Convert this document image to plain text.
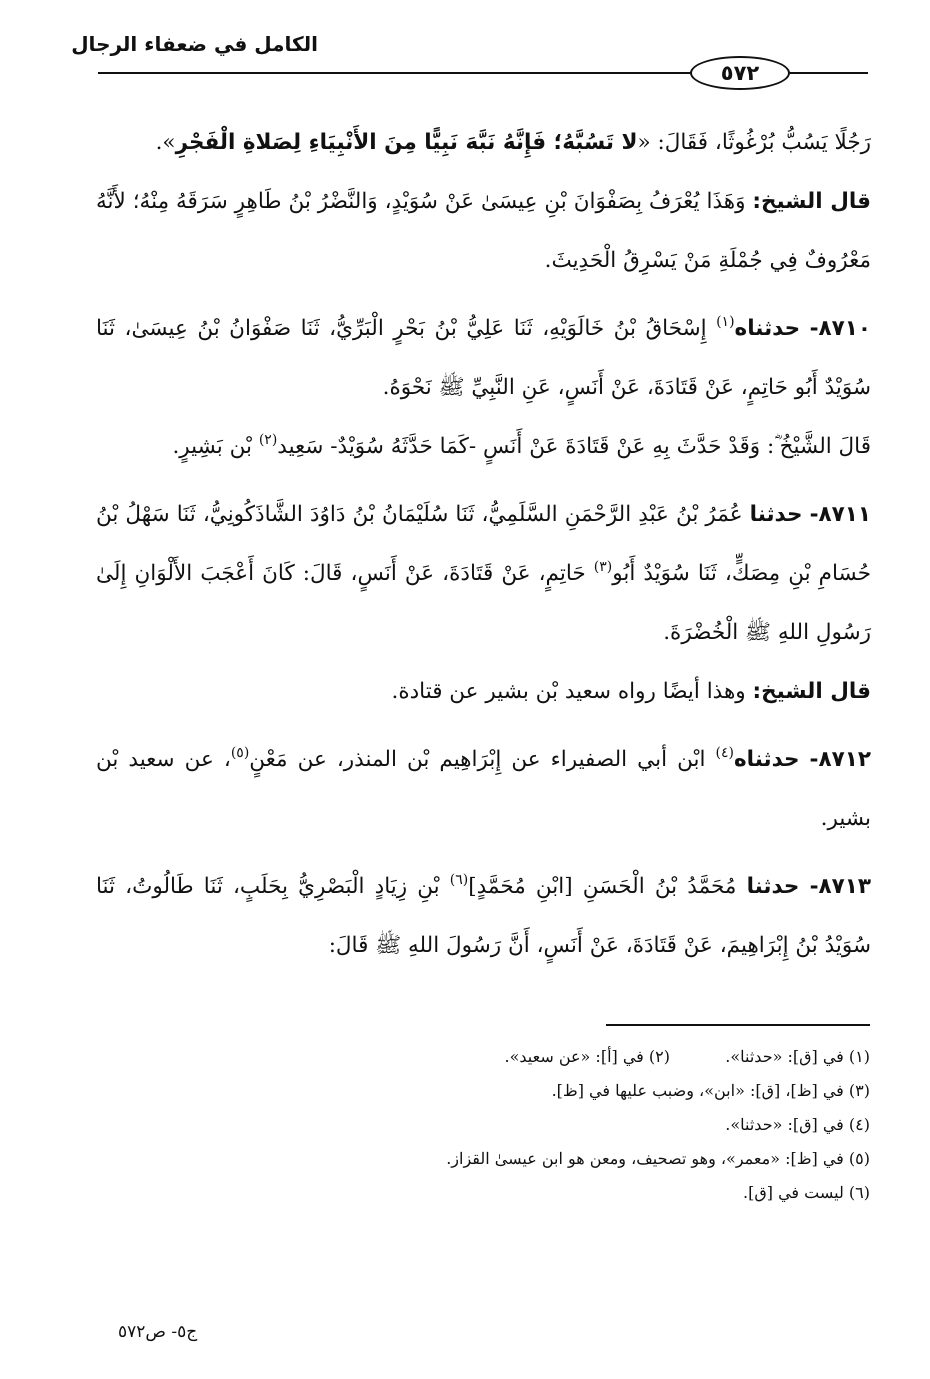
الكامل في ضعفاء الرجال
٥٧٢

رَجُلًا يَسُبُّ بُرْغُوثًا، فَقَالَ: «لا تَسُبَّهُ؛ فَإِنَّهُ نَبَّهَ نَبِيًّا مِنَ الأَنْبِيَاءِ لِصَلاةِ الْفَجْرِ».

قال الشيخ: وَهَذَا يُعْرَفُ بِصَفْوَانَ بْنِ عِيسَىٰ عَنْ سُوَيْدٍ، وَالنَّضْرُ بْنُ طَاهِرٍ سَرَقَهُ مِنْهُ؛ لأَنَّهُ مَعْرُوفٌ فِي جُمْلَةِ مَنْ يَسْرِقُ الْحَدِيثَ.

٨٧١٠- حدثناه$^{(١)}$ إِسْحَاقُ بْنُ خَالَوَيْهِ، ثَنَا عَلِيُّ بْنُ بَحْرٍ الْبَرِّيُّ، ثَنَا صَفْوَانُ بْنُ عِيسَىٰ، ثَنَا سُوَيْدٌ أَبُو حَاتِمٍ، عَنْ قَتَادَةَ، عَنْ أَنَسٍ، عَنِ النَّبِيِّ ﷺ نَحْوَهُ.

قَالَ الشَّيْخُ ؓ: وَقَدْ حَدَّثَ بِهِ عَنْ قَتَادَةَ عَنْ أَنَسٍ -كَمَا حَدَّثَهُ سُوَيْدٌ- سَعِيد$^{(٢)}$ بْن بَشِيرٍ.

٨٧١١- حدثنا عُمَرُ بْنُ عَبْدِ الرَّحْمَنِ السَّلَمِيُّ، ثَنَا سُلَيْمَانُ بْنُ دَاوُدَ الشَّاذَكُونِيُّ، ثَنَا سَهْلُ بْنُ حُسَامِ بْنِ مِصَكٍّ، ثَنَا سُوَيْدٌ أَبُو$^{(٣)}$ حَاتِمٍ، عَنْ قَتَادَةَ، عَنْ أَنَسٍ، قَالَ: كَانَ أَعْجَبَ الأَلْوَانِ إِلَىٰ رَسُولِ اللهِ ﷺ الْخُضْرَةَ.

قال الشيخ: وهذا أيضًا رواه سعيد بْن بشير عن قتادة.

٨٧١٢- حدثناه$^{(٤)}$ ابْن أبي الصفيراء عن إِبْرَاهِيم بْن المنذر، عن مَعْنٍ$^{(٥)}$، عن سعيد بْن بشير.

٨٧١٣- حدثنا مُحَمَّدُ بْنُ الْحَسَنِ [ابْنِ مُحَمَّدٍ]$^{(٦)}$ بْنِ زِيَادٍ الْبَصْرِيُّ بِحَلَبٍ، ثَنَا طَالُوتُ، ثَنَا سُوَيْدُ بْنُ إِبْرَاهِيمَ، عَنْ قَتَادَةَ، عَنْ أَنَسٍ، أَنَّ رَسُولَ اللهِ ﷺ قَالَ:

(١) في [ق]: «حدثنا».(٢) في [أ]: «عن سعيد».
(٣) في [ظ]، [ق]: «ابن»، وضبب عليها في [ظ].
(٤) في [ق]: «حدثنا».
(٥) في [ظ]: «معمر»، وهو تصحيف، ومعن هو ابن عيسىٰ القزاز.
(٦) ليست في [ق].
ج٥- ص٥٧٢
